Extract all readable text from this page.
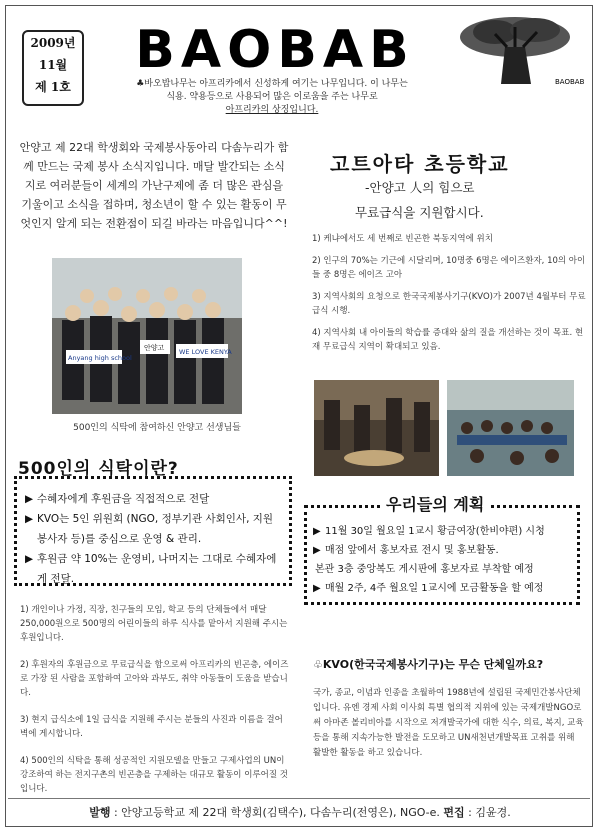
2009년
11월
제 1호
BAOBAB
♣바오밥나무는 아프리카에서 신성하게 여기는 나무입니다. 이 나무는
식용. 약용등으로 사용되어 많은 이로움을 주는 나무로
아프리카의 상징입니다.
BAOBAB
안양고 제 22대 학생회와 국제봉사동아리 다솜누리가 함께 만드는 국제 봉사 소식지입니다. 매달 발간되는 소식지로 여러분들이 세계의 가난구제에 좀 더 많은 관심을 기울이고 소식을 접하며, 청소년이 할 수 있는 활동이 무엇인지 알게 되는 전환점이 되길 바라는 마음입니다^^!
Anyang high school
안양고 WE LOVE KENYA
500인의 식탁에 참여하신 안양고 선생님들
500인의 식탁이란?
▶ 수혜자에게 후원금을 직접적으로 전달
▶ KVO는 5인 위원회 (NGO, 정부기관 사회인사, 지원봉사자 등)를 중심으로 운영 & 관리.
▶ 후원금 약 10%는 운영비, 나머지는 그대로 수혜자에게 전달.

1) 개인이나 가정, 직장, 친구들의 모임, 학교 등의 단체들에서 매달 250,000원으로 500명의 어린이들의 하루 식사를 맡아서 지원해 주시는 후원입니다.

2) 후원자의 후원금으로 무료급식을 함으로써 아프리카의 빈곤층, 에이즈로 가장 된 사람을 포함하여 고아와 과부도, 취약 아동들이 도움을 받습니다.

3) 현지 급식소에 1일 급식을 지원해 주시는 분들의 사진과 이름을 걸어 벽에 게시합니다.

4) 500인의 식탁을 통해 성공적인 지원모델을 만들고 구제사업의 UN이 강조하여 하는 전지구촌의 빈곤층을 구제하는 대규모 활동이 이루어질 것입니다.

고트아타 초등학교
-안양고 人의 힘으로
무료급식을 지원합시다.

1) 케냐에서도 세 번째로 빈곤한 북동지역에 위치

2) 인구의 70%는 기근에 시달리며, 10명중 6명은 에이즈환자, 10의 아이들 중 8명은 에이즈 고아

3) 지역사회의 요청으로 한국국제봉사기구(KVO)가 2007년 4월부터 무료급식 시행.

4) 지역사회 내 아이들의 학습률 증대와 삶의 질을 개선하는 것이 목표. 현재 무료급식 지역이 확대되고 있음.

▶ 11월 30일 월요일 1교시 황금여장(한비야편) 시청
▶ 매점 앞에서 홍보자료 전시 및 홍보활동.
본관 3층 중앙복도 게시판에 홍보자료 부착할 예정
▶ 매월 2주, 4주 월요일 1교시에 모금활동을 할 예정
우리들의 계획
♧KVO(한국국제봉사기구)는 무슨 단체일까요?
국가, 종교, 이념과 인종을 초월하여 1988년에 설립된 국제민간봉사단체입니다. 유엔 경제 사회 이사회 특별 협의적 지위에 있는 국제개발NGO로써 아마존 볼리비아를 시작으로 저개발국가에 대한 식수, 의료, 복지, 교육등을 통해 지속가능한 발전을 도모하고 UN새천년개발목표 고취를 위해 활발한 활동을 하고 있습니다.
발행 : 안양고등학교 제 22대 학생회(김택수), 다솜누리(전영은), NGO-e. 편집 : 김윤경.
